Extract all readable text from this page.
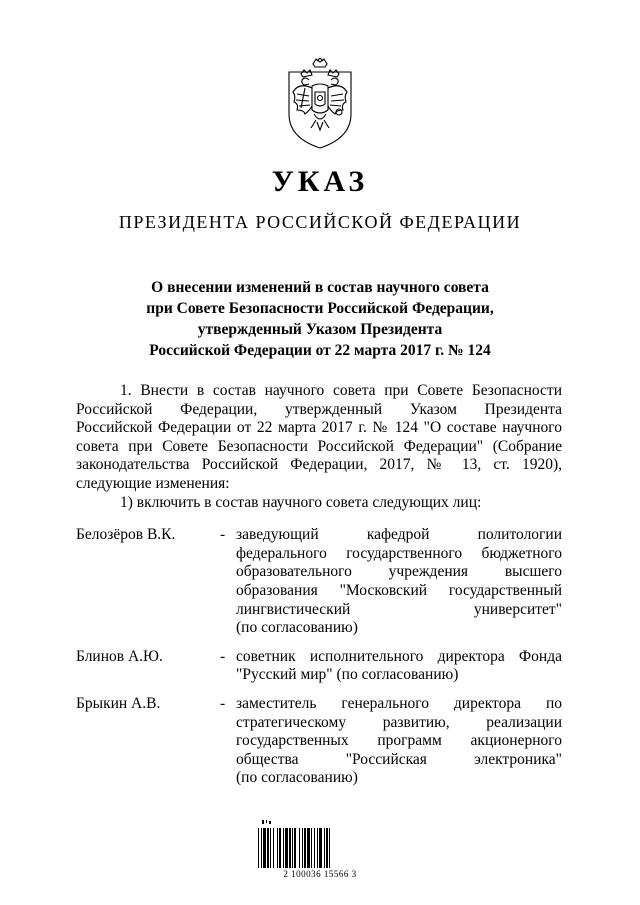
УКАЗ
ПРЕЗИДЕНТА РОССИЙСКОЙ ФЕДЕРАЦИИ
О внесении изменений в состав научного совета
при Совете Безопасности Российской Федерации,
утвержденный Указом Президента
Российской Федерации от 22 марта 2017 г. № 124
1. Внести в состав научного совета при Совете Безопасности
Российской Федерации, утвержденный Указом Президента
Российской Федерации от 22 марта 2017 г. № 124 "О составе научного
совета при Совете Безопасности Российской Федерации" (Собрание
законодательства Российской Федерации, 2017, № 13, ст. 1920),
следующие изменения:
1) включить в состав научного совета следующих лиц:
Белозёров В.К.	- заведующий кафедрой политологии
федерального государственного бюджетного
образовательного учреждения высшего
образования "Московский государственный
лингвистический университет"
(по согласованию)
Блинов А.Ю.	- советник исполнительного директора Фонда
"Русский мир" (по согласованию)
Брыкин А.В.	- заместитель генерального директора по
стратегическому развитию, реализации
государственных программ акционерного
общества "Российская электроника"
(по согласованию)
2 100036 15566 3
